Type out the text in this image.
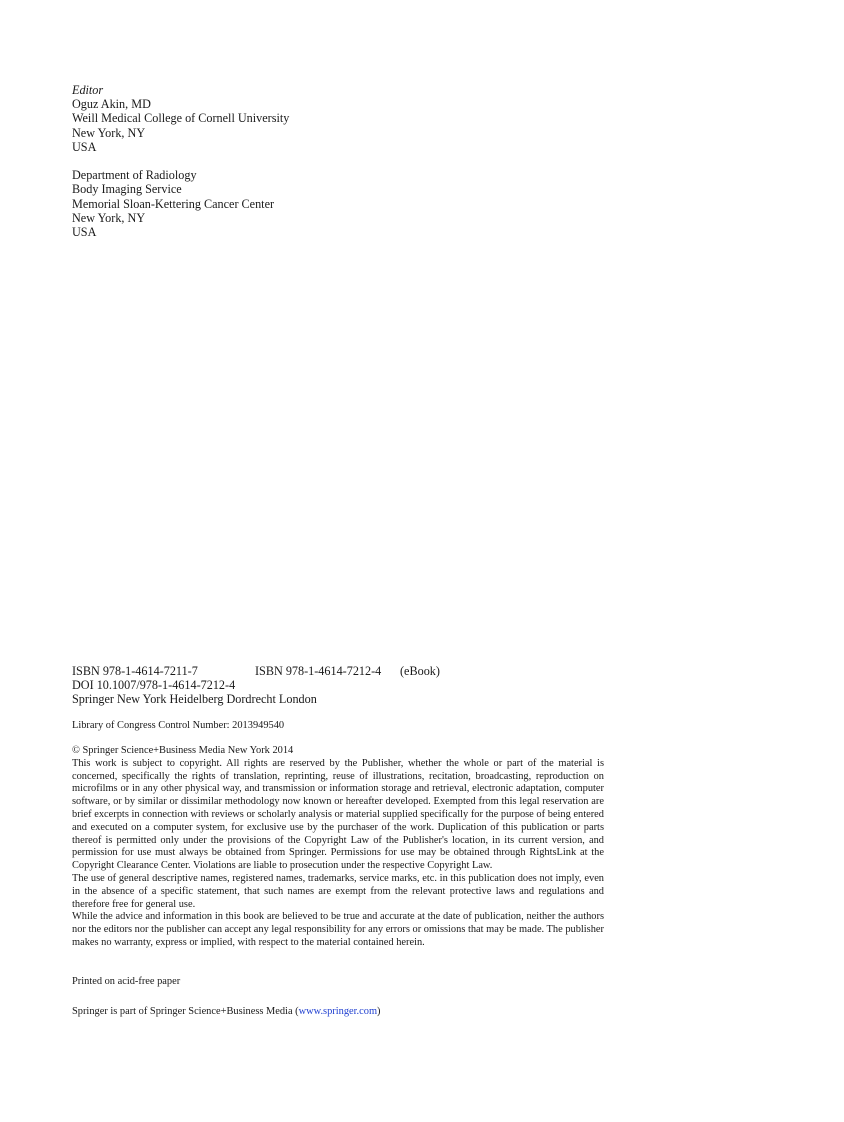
Editor
Oguz Akin, MD
Weill Medical College of Cornell University
New York, NY
USA
Department of Radiology
Body Imaging Service
Memorial Sloan-Kettering Cancer Center
New York, NY
USA
ISBN 978-1-4614-7211-7	ISBN 978-1-4614-7212-4 (eBook)
DOI 10.1007/978-1-4614-7212-4
Springer New York Heidelberg Dordrecht London
Library of Congress Control Number: 2013949540

© Springer Science+Business Media New York 2014

This work is subject to copyright. All rights are reserved by the Publisher, whether the whole or part of the material is concerned, specifically the rights of translation, reprinting, reuse of illustrations, recitation, broadcasting, reproduction on microfilms or in any other physical way, and transmission or information storage and retrieval, electronic adaptation, computer software, or by similar or dissimilar methodology now known or hereafter developed. Exempted from this legal reservation are brief excerpts in connection with reviews or scholarly analysis or material supplied specifically for the purpose of being entered and executed on a computer system, for exclusive use by the purchaser of the work. Duplication of this publication or parts thereof is permitted only under the provisions of the Copyright Law of the Publisher's location, in its current version, and permission for use must always be obtained from Springer. Permissions for use may be obtained through RightsLink at the Copyright Clearance Center. Violations are liable to prosecution under the respective Copyright Law.

The use of general descriptive names, registered names, trademarks, service marks, etc. in this publication does not imply, even in the absence of a specific statement, that such names are exempt from the relevant protective laws and regulations and therefore free for general use.

While the advice and information in this book are believed to be true and accurate at the date of publication, neither the authors nor the editors nor the publisher can accept any legal responsibility for any errors or omissions that may be made. The publisher makes no warranty, express or implied, with respect to the material contained herein.

Printed on acid-free paper
Springer is part of Springer Science+Business Media (www.springer.com)
